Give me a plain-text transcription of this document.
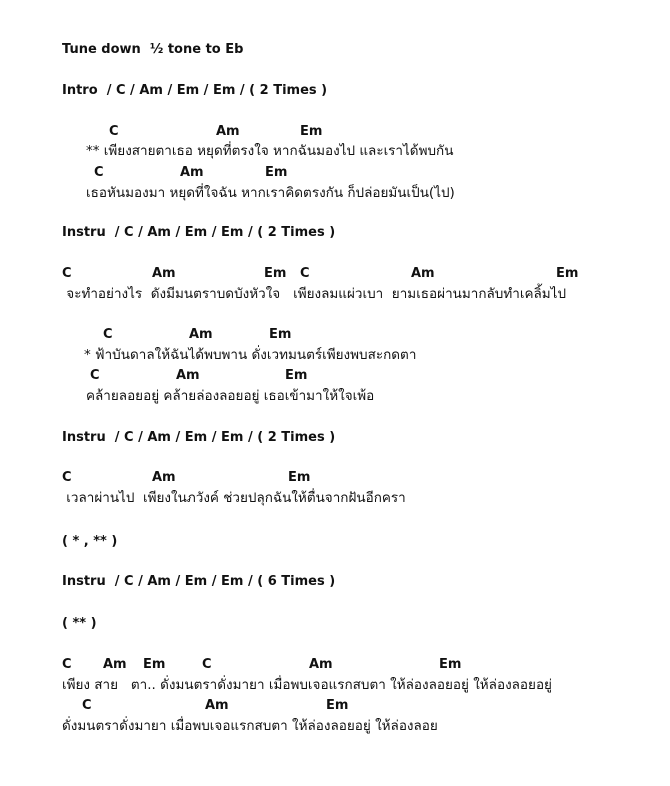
Tune down  ½ tone to Eb
Intro  / C / Am / Em / Em / ( 2 Times )
** เพียงสายตาเธอ หยุดที่ตรงใจ หากฉันมองไป และเราได้พบกัน
เธอหันมองมา หยุดที่ใจฉัน หากเราคิดตรงกัน ก็ปล่อยมันเป็น(ไป)
Instru  / C / Am / Em / Em / ( 2 Times )
จะทำอย่างไร  ดังมีมนตราบดบังหัวใจ   เพียงลมแผ่วเบา  ยามเธอผ่านมากลับทำเคลิ้มไป
* ฟ้าบันดาลให้ฉันได้พบพาน ดั่งเวทมนตร์เพียงพบสะกดตา
คล้ายลอยอยู่ คล้ายล่องลอยอยู่ เธอเข้ามาให้ใจเพ้อ
Instru  / C / Am / Em / Em / ( 2 Times )
เวลาผ่านไป  เพียงในภวังค์ ช่วยปลุกฉันให้ตื่นจากฝันอีกครา
( * , ** )
Instru  / C / Am / Em / Em / ( 6 Times )
( ** )
เพียง สาย   ตา.. ดั่งมนตราดั่งมายา เมื่อพบเจอแรกสบตา ให้ล่องลอยอยู่ ให้ล่องลอยอยู่
ดั่งมนตราดั่งมายา เมื่อพบเจอแรกสบตา ให้ล่องลอยอยู่ ให้ล่องลอย
C	Am	Em
C	Am	Em
C	Am	Em C	Am	Em
C	Am	Em
C	Am	Em
C	Am	Em
C Am Em	C	Am	Em
C	Am	Em
